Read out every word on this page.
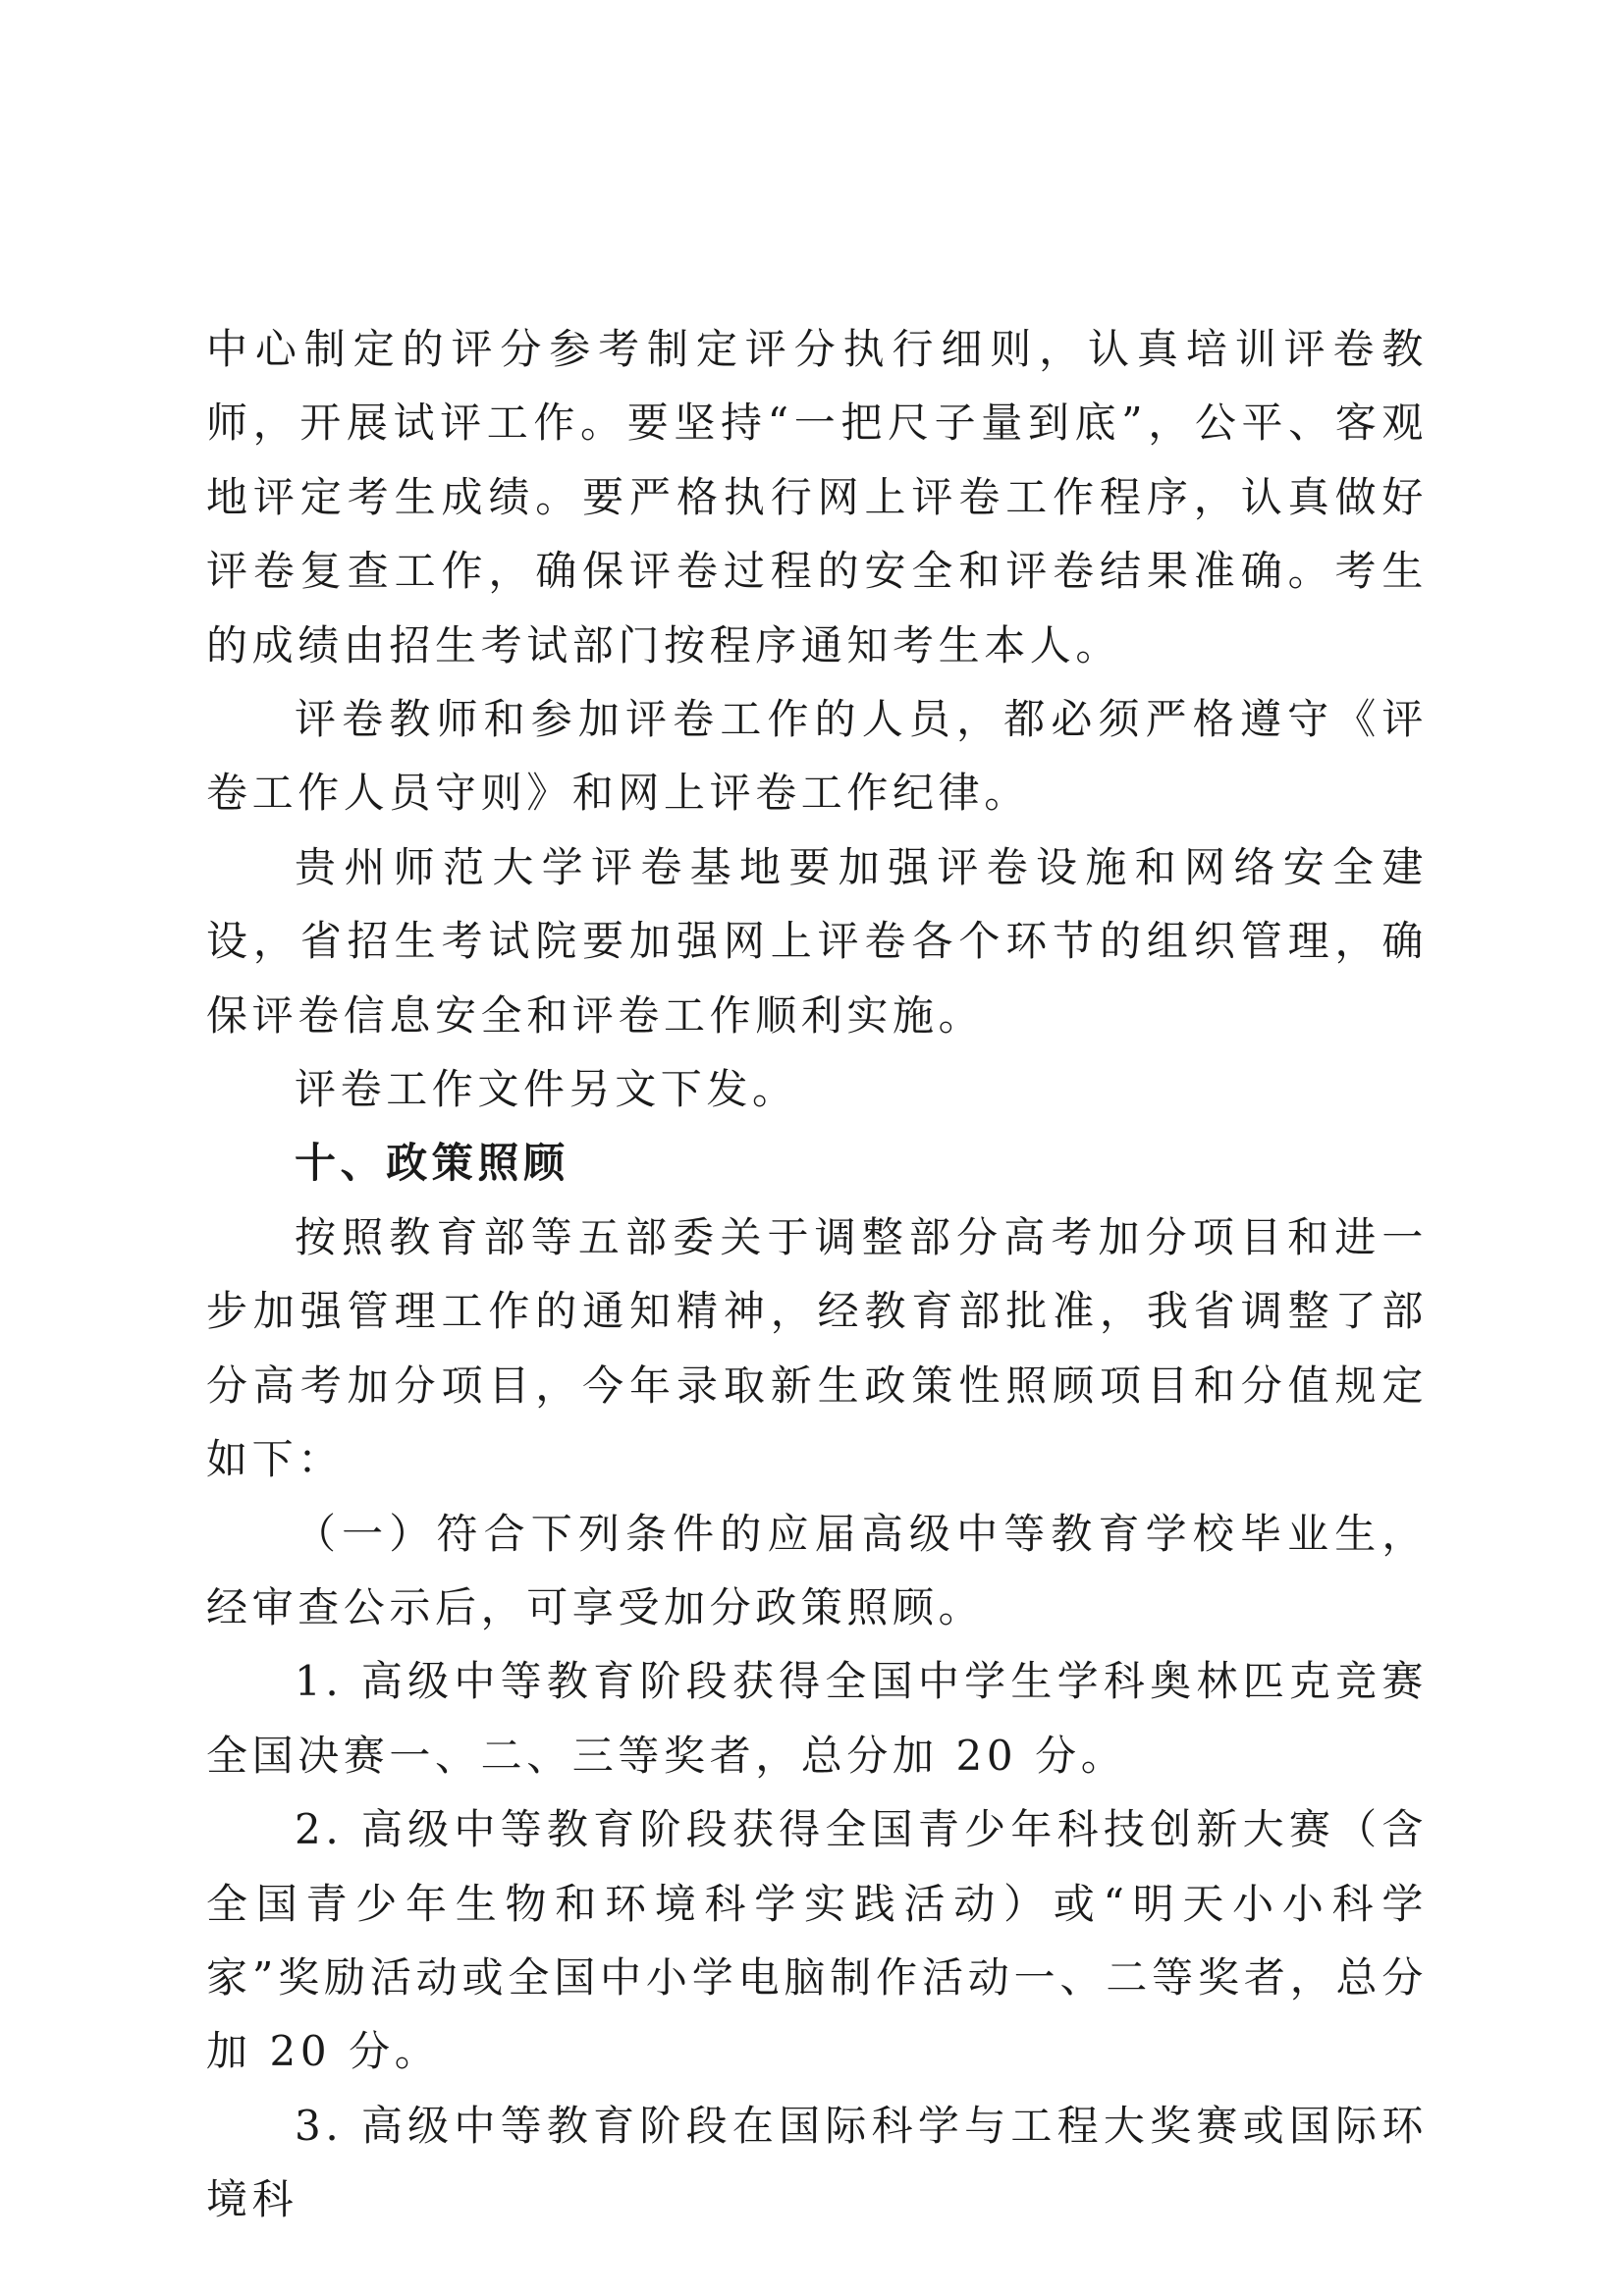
中心制定的评分参考制定评分执行细则，认真培训评卷教师，开展试评工作。要坚持“一把尺子量到底”，公平、客观地评定考生成绩。要严格执行网上评卷工作程序，认真做好评卷复查工作，确保评卷过程的安全和评卷结果准确。考生的成绩由招生考试部门按程序通知考生本人。

评卷教师和参加评卷工作的人员，都必须严格遵守《评卷工作人员守则》和网上评卷工作纪律。

贵州师范大学评卷基地要加强评卷设施和网络安全建设，省招生考试院要加强网上评卷各个环节的组织管理，确保评卷信息安全和评卷工作顺利实施。

评卷工作文件另文下发。

十、政策照顾

按照教育部等五部委关于调整部分高考加分项目和进一步加强管理工作的通知精神，经教育部批准，我省调整了部分高考加分项目，今年录取新生政策性照顾项目和分值规定如下：

（一）符合下列条件的应届高级中等教育学校毕业生，经审查公示后，可享受加分政策照顾。

1. 高级中等教育阶段获得全国中学生学科奥林匹克竞赛全国决赛一、二、三等奖者，总分加 20 分。

2. 高级中等教育阶段获得全国青少年科技创新大赛（含全国青少年生物和环境科学实践活动）或“明天小小科学家”奖励活动或全国中小学电脑制作活动一、二等奖者，总分加 20 分。

3. 高级中等教育阶段在国际科学与工程大奖赛或国际环境科
